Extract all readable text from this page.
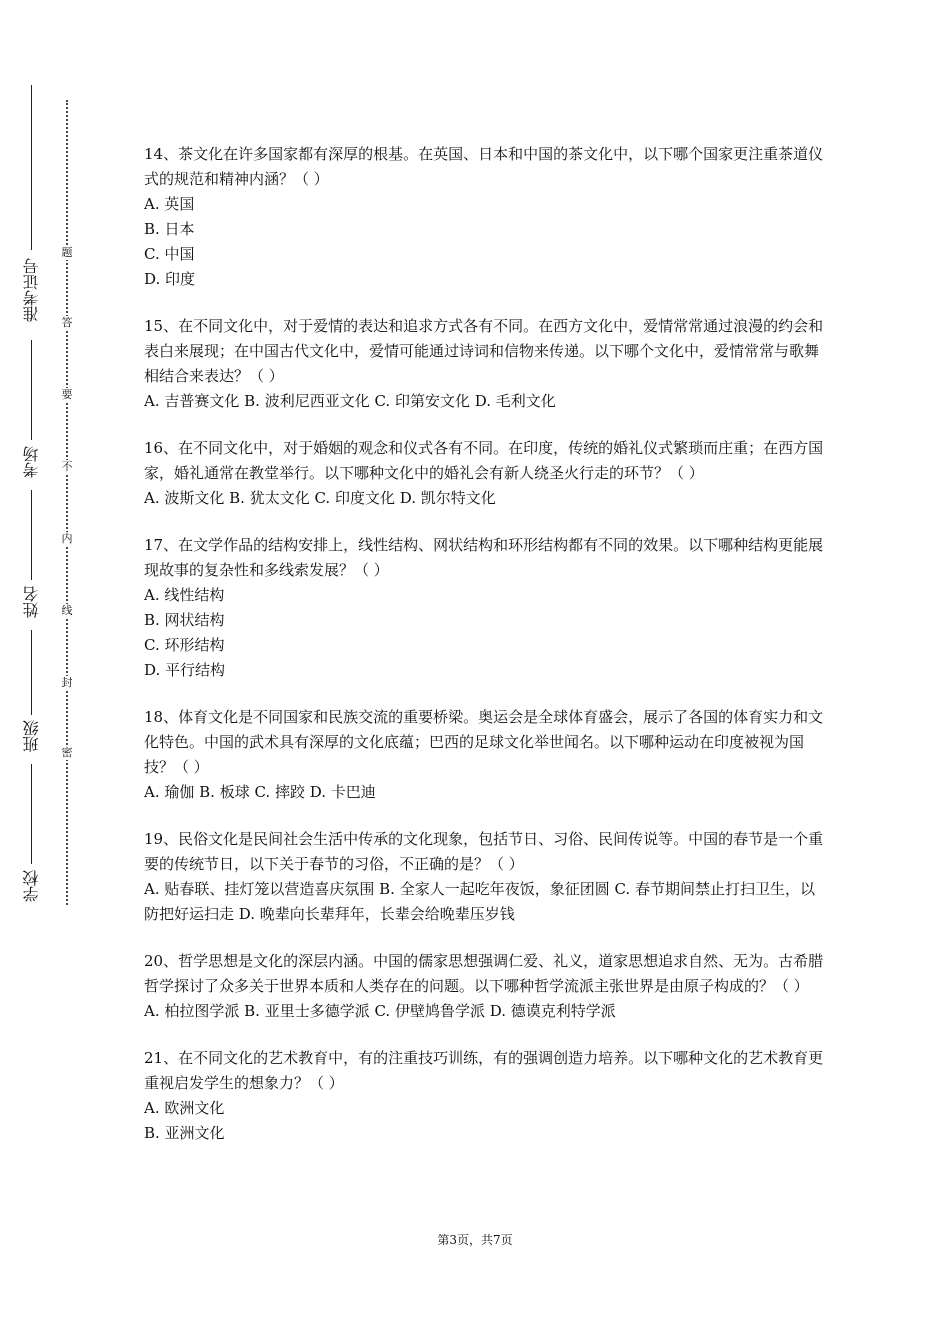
准考证号
考场
姓名
班级
学校
题
答
要
不
内
线
封
密

14、茶文化在许多国家都有深厚的根基。在英国、日本和中国的茶文化中，以下哪个国家更注重茶道仪式的规范和精神内涵？（ ）

A. 英国

B. 日本

C. 中国

D. 印度

15、在不同文化中，对于爱情的表达和追求方式各有不同。在西方文化中，爱情常常通过浪漫的约会和表白来展现；在中国古代文化中，爱情可能通过诗词和信物来传递。以下哪个文化中，爱情常常与歌舞相结合来表达？（ ）

A. 吉普赛文化 B. 波利尼西亚文化 C. 印第安文化 D. 毛利文化

16、在不同文化中，对于婚姻的观念和仪式各有不同。在印度，传统的婚礼仪式繁琐而庄重；在西方国家，婚礼通常在教堂举行。以下哪种文化中的婚礼会有新人绕圣火行走的环节？（ ）

A. 波斯文化 B. 犹太文化 C. 印度文化 D. 凯尔特文化

17、在文学作品的结构安排上，线性结构、网状结构和环形结构都有不同的效果。以下哪种结构更能展现故事的复杂性和多线索发展？（ ）

A. 线性结构

B. 网状结构

C. 环形结构

D. 平行结构

18、体育文化是不同国家和民族交流的重要桥梁。奥运会是全球体育盛会，展示了各国的体育实力和文化特色。中国的武术具有深厚的文化底蕴；巴西的足球文化举世闻名。以下哪种运动在印度被视为国技？（ ）

A. 瑜伽 B. 板球 C. 摔跤 D. 卡巴迪

19、民俗文化是民间社会生活中传承的文化现象，包括节日、习俗、民间传说等。中国的春节是一个重要的传统节日，以下关于春节的习俗，不正确的是？（ ）

A. 贴春联、挂灯笼以营造喜庆氛围 B. 全家人一起吃年夜饭，象征团圆 C. 春节期间禁止打扫卫生，以防把好运扫走 D. 晚辈向长辈拜年，长辈会给晚辈压岁钱

20、哲学思想是文化的深层内涵。中国的儒家思想强调仁爱、礼义，道家思想追求自然、无为。古希腊哲学探讨了众多关于世界本质和人类存在的问题。以下哪种哲学流派主张世界是由原子构成的？（ ）

A. 柏拉图学派 B. 亚里士多德学派 C. 伊壁鸠鲁学派 D. 德谟克利特学派

21、在不同文化的艺术教育中，有的注重技巧训练，有的强调创造力培养。以下哪种文化的艺术教育更重视启发学生的想象力？（ ）

A. 欧洲文化

B. 亚洲文化

第3页，共7页
